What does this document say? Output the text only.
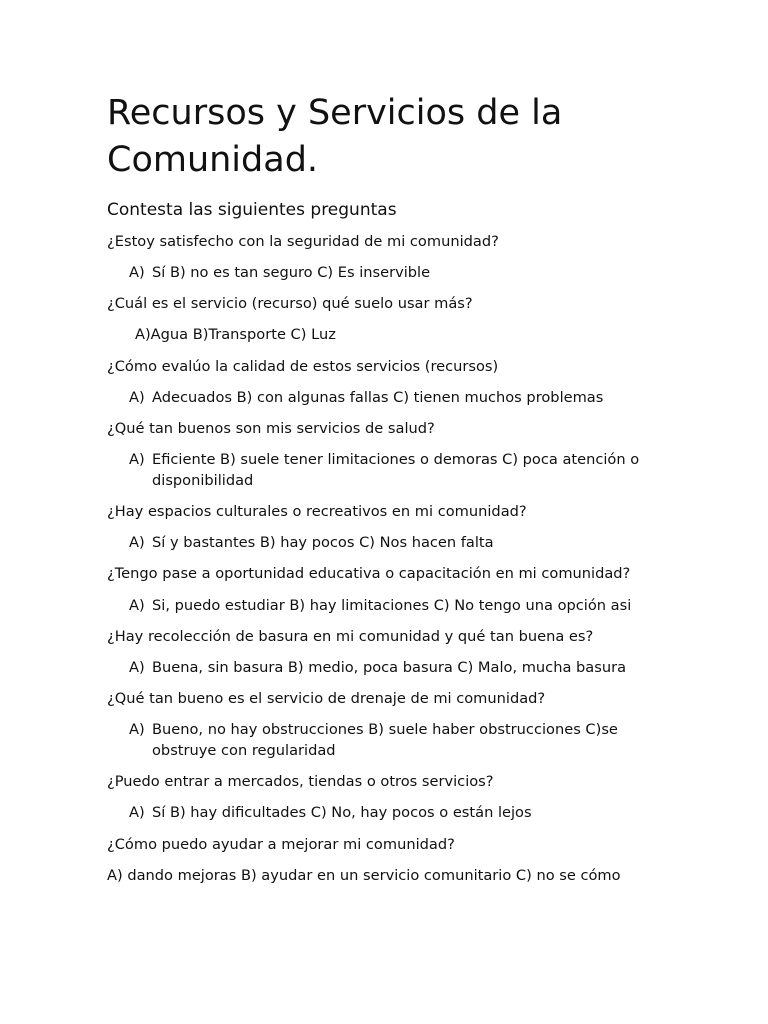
Recursos y Servicios de la Comunidad.
Contesta las siguientes preguntas

¿Estoy satisfecho con la seguridad de mi comunidad?

A) Sí B) no es tan seguro C) Es inservible

¿Cuál es el servicio (recurso) qué suelo usar más?

A)Agua B)Transporte C) Luz

¿Cómo evalúo la calidad de estos servicios (recursos)

A) Adecuados B) con algunas fallas C) tienen muchos problemas

¿Qué tan buenos son mis servicios de salud?

A) Eficiente B) suele tener limitaciones o demoras C) poca atención o disponibilidad

¿Hay espacios culturales o recreativos en mi comunidad?

A) Sí y bastantes B) hay pocos C) Nos hacen falta

¿Tengo pase a oportunidad educativa o capacitación en mi comunidad?

A) Si, puedo estudiar B) hay limitaciones C) No tengo una opción asi

¿Hay recolección de basura en mi comunidad y qué tan buena es?

A) Buena, sin basura B) medio, poca basura C) Malo, mucha basura

¿Qué tan bueno es el servicio de drenaje de mi comunidad?

A) Bueno, no hay obstrucciones B) suele haber obstrucciones C)se obstruye con regularidad

¿Puedo entrar a mercados, tiendas o otros servicios?

A) Sí B) hay dificultades C) No, hay pocos o están lejos

¿Cómo puedo ayudar a mejorar mi comunidad?

A) dando mejoras B) ayudar en un servicio comunitario C) no se cómo
